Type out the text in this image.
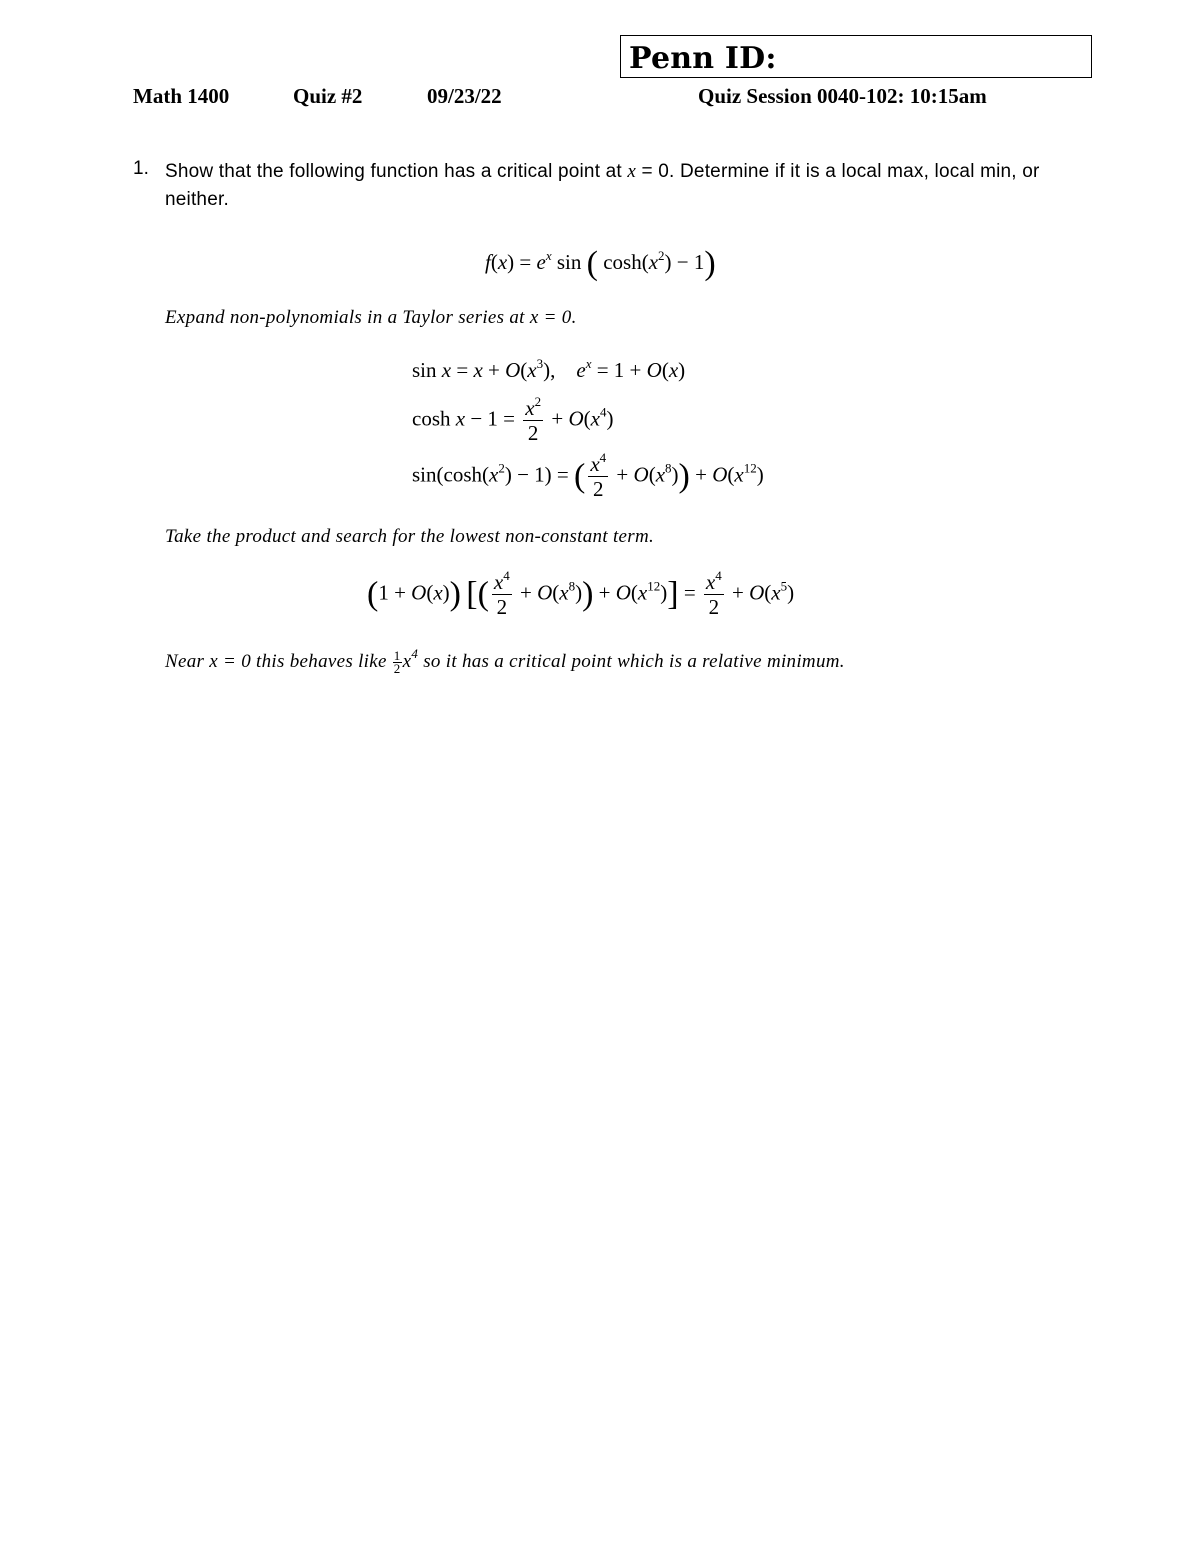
Penn ID:
Math 1400	Quiz #2	09/23/22	Quiz Session 0040-102: 10:15am
1. Show that the following function has a critical point at x = 0. Determine if it is a local max, local min, or neither.
$f(x) = e^x$ sin ( $\cosh(x^2) - 1$)
Expand non-polynomials in a Taylor series at x = 0.
$\sin x = x + O(x^3)$,    $e^x = 1 + O(x)$
$\cosh x - 1 = \frac{x^2}{2} + O(x^4)$
$\sin(\cosh(x^2) - 1)$ = ( $\frac{x^4}{2} + O(x^8)) + O(x^{12})$
Take the product and search for the lowest non-constant term.
(1 + O(x)) [( $\frac{x^4}{2} + O(x^8)) + O(x^{12})] = \frac{x^4}{2} + O(x^5)$
Near x = 0 this behaves like $\frac{1}{2} x^4$ so it has a critical point which is a relative minimum.
